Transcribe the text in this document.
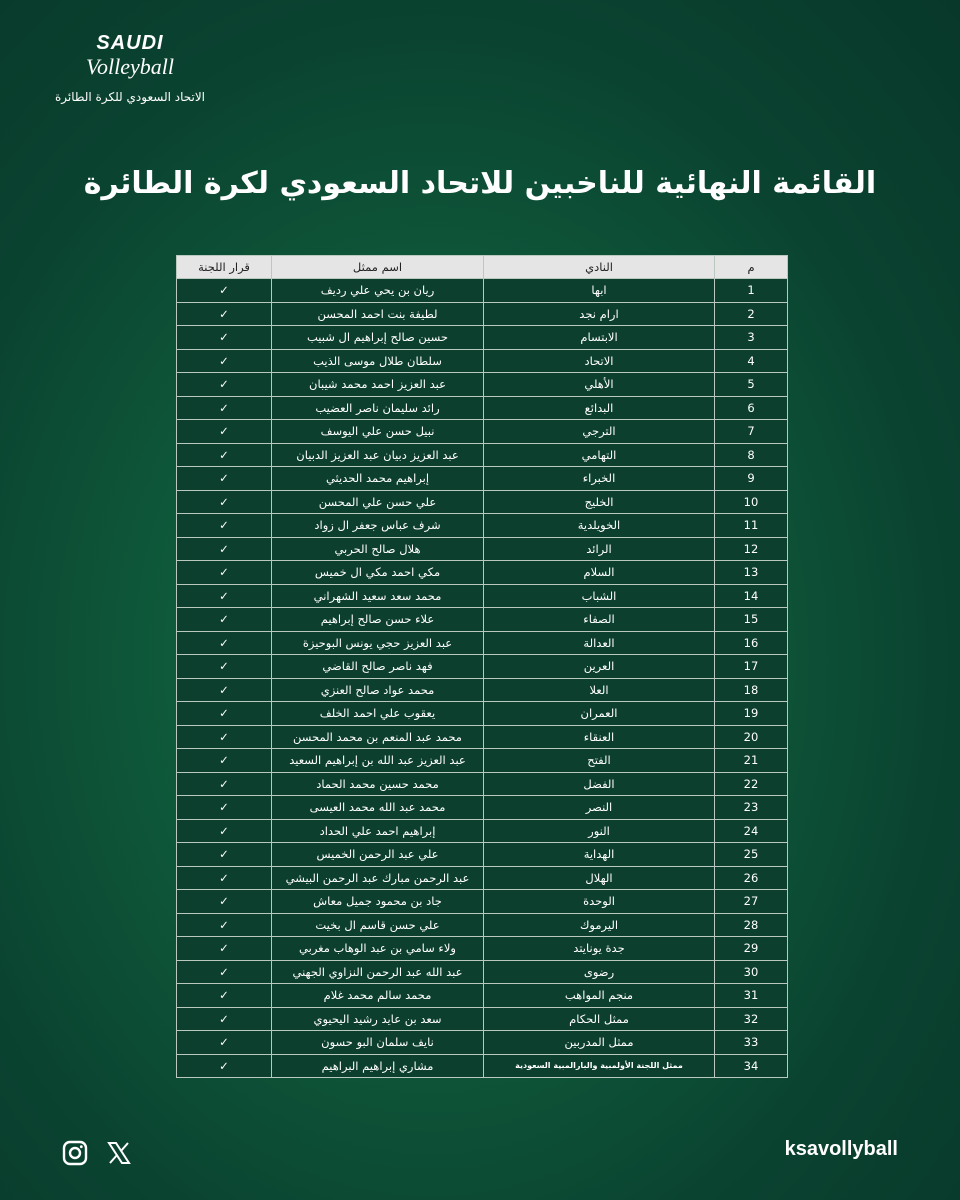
SAUDI
Volleyball
الاتحاد السعودي للكرة الطائرة
القائمة النهائية للناخبين للاتحاد السعودي لكرة الطائرة
م	النادي	اسم ممثل	قرار اللجنة
1	ابها	ريان بن يحي علي رديف	✓
2	ارام نجد	لطيفة بنت احمد المحسن	✓
3	الابتسام	حسين صالح إبراهيم ال شبيب	✓
4	الاتحاد	سلطان طلال موسى الذيب	✓
5	الأهلي	عبد العزيز احمد محمد شيبان	✓
6	البدائع	رائد سليمان ناصر العضيب	✓
7	الترجي	نبيل حسن علي اليوسف	✓
8	التهامي	عبد العزيز دبيان عبد العزيز الدبيان	✓
9	الخبراء	إبراهيم محمد الحديثي	✓
10	الخليج	علي حسن علي المحسن	✓
11	الخويلدية	شرف عباس جعفر ال زواد	✓
12	الرائد	هلال صالح الحربي	✓
13	السلام	مكي احمد مكي ال خميس	✓
14	الشباب	محمد سعد سعيد الشهراني	✓
15	الصفاء	علاء حسن صالح إبراهيم	✓
16	العدالة	عبد العزيز حجي يونس البوحيزة	✓
17	العرين	فهد ناصر صالح القاضي	✓
18	العلا	محمد عواد صالح العنزي	✓
19	العمران	يعقوب علي احمد الخلف	✓
20	العنقاء	محمد عبد المنعم بن محمد المحسن	✓
21	الفتح	عبد العزيز عبد الله بن إبراهيم السعيد	✓
22	الفضل	محمد حسين محمد الحماد	✓
23	النصر	محمد عبد الله محمد العيسى	✓
24	النور	إبراهيم احمد علي الحداد	✓
25	الهداية	علي عبد الرحمن الخميس	✓
26	الهلال	عبد الرحمن مبارك عبد الرحمن البيشي	✓
27	الوحدة	جاد بن محمود جميل معاش	✓
28	اليرموك	علي حسن قاسم ال بخيت	✓
29	جدة يونايتد	ولاء سامي بن عبد الوهاب مغربي	✓
30	رضوى	عبد الله عبد الرحمن النزاوي الجهني	✓
31	منجم المواهب	محمد سالم محمد غلام	✓
32	ممثل الحكام	سعد بن عايد رشيد اليحيوي	✓
33	ممثل المدربين	نايف سلمان البو حسون	✓
34	ممثل اللجنة الأولمبية والبارالمبية السعودية	مشاري إبراهيم البراهيم	✓
ksavollyball
